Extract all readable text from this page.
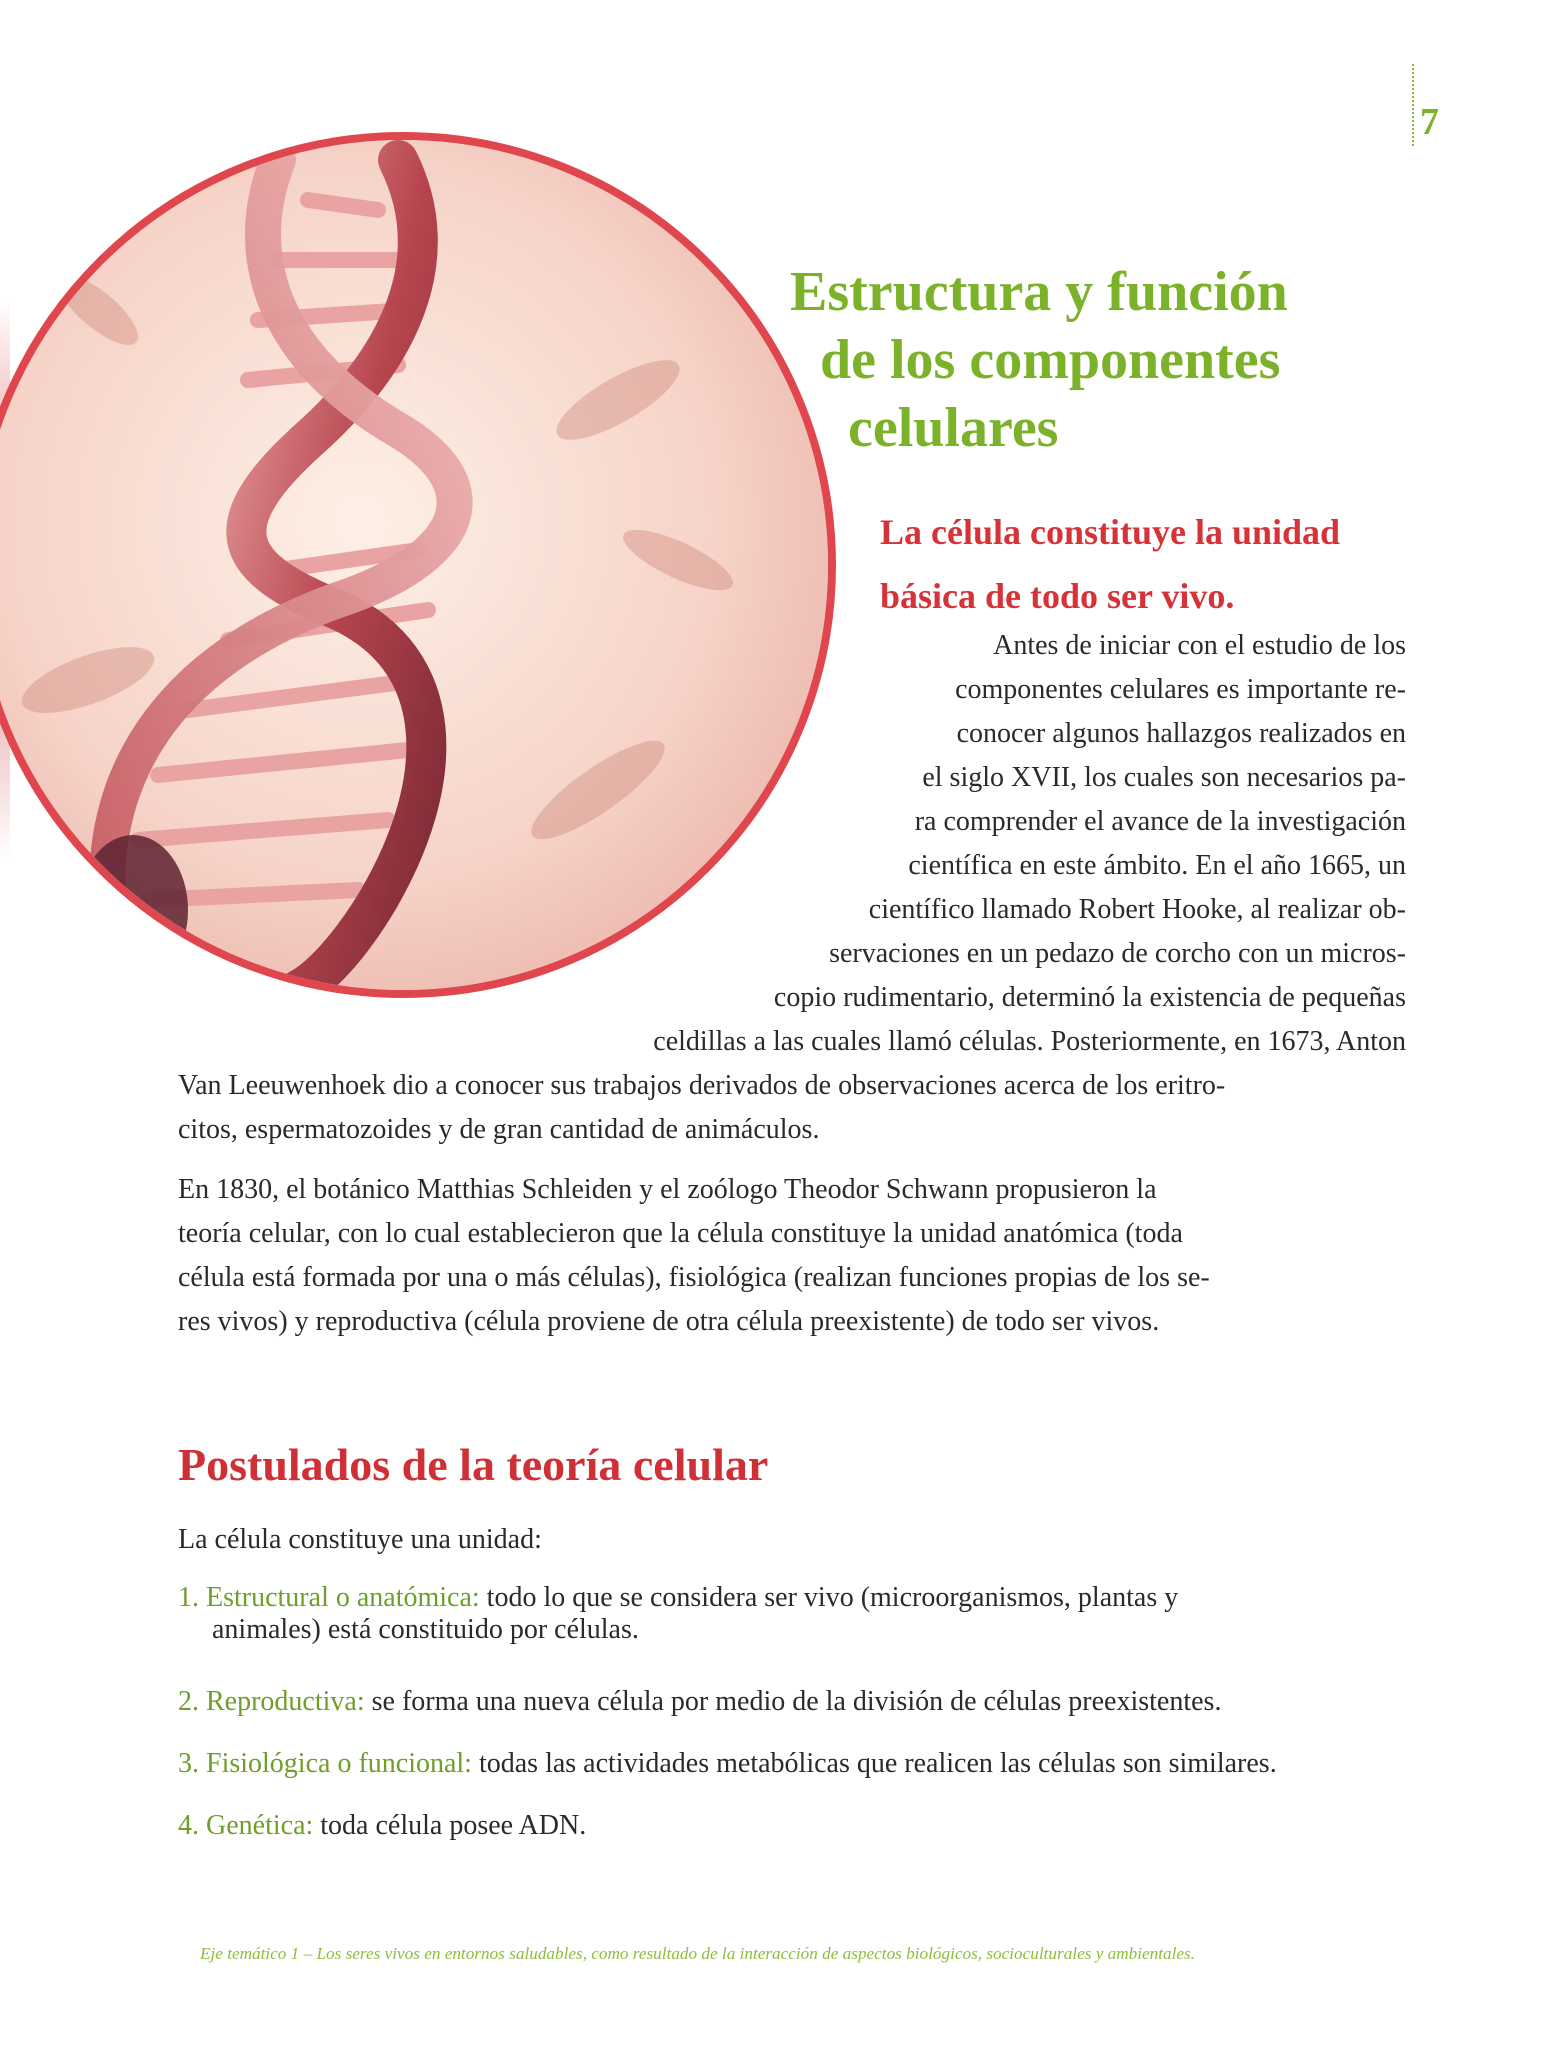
7
Estructura y función
de los componentes
celulares
La célula constituye la unidad
básica de todo ser vivo.

Antes de iniciar con el estudio de los

componentes celulares es importante re-

conocer algunos hallazgos realizados en

el siglo XVII, los cuales son necesarios pa-

ra comprender el avance de la investigación

científica en este ámbito. En el año 1665, un

científico llamado Robert Hooke, al realizar ob-

servaciones en un pedazo de corcho con un micros-

copio rudimentario, determinó la existencia de pequeñas

celdillas a las cuales llamó células. Posteriormente, en 1673, Anton

Van Leeuwenhoek dio a conocer sus trabajos derivados de observaciones acerca de los eritro-

citos, espermatozoides y de gran cantidad de animáculos.

En 1830, el botánico Matthias Schleiden y el zoólogo Theodor Schwann propusieron la

teoría celular, con lo cual establecieron que la célula constituye la unidad anatómica (toda

célula está formada por una o más células), fisiológica (realizan funciones propias de los se-

res vivos) y reproductiva (célula proviene de otra célula preexistente) de todo ser vivos.

Postulados de la teoría celular

La célula constituye una unidad:

1. Estructural o anatómica: todo lo que se considera ser vivo (microorganismos, plantas y
animales) está constituido por células.

2. Reproductiva: se forma una nueva célula por medio de la división de células preexistentes.

3. Fisiológica o funcional: todas las actividades metabólicas que realicen las células son similares.

4. Genética: toda célula posee ADN.

Eje temático 1 – Los seres vivos en entornos saludables, como resultado de la interacción de aspectos biológicos, socioculturales y ambientales.
